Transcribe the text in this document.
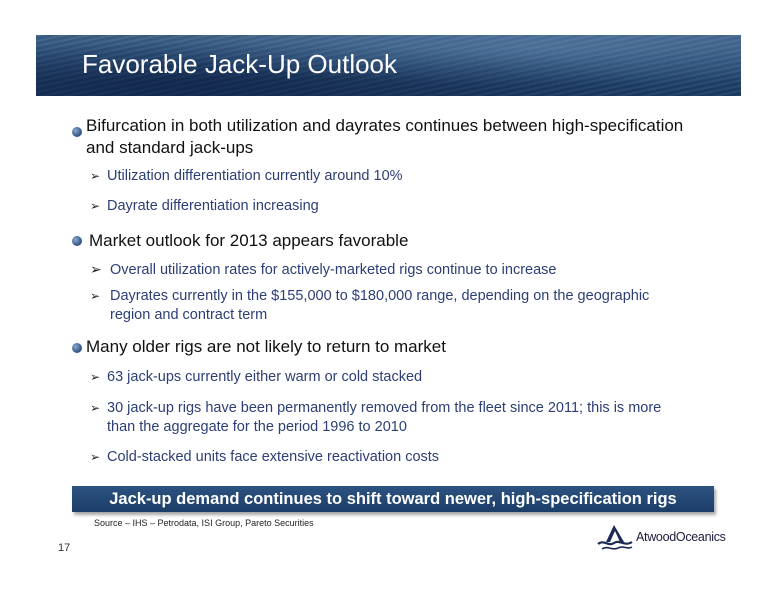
Favorable Jack-Up Outlook

Bifurcation in both utilization and dayrates continues between high-specification

and standard jack-ups

➢ Utilization differentiation currently around 10%

➢ Dayrate differentiation increasing

Market outlook for 2013 appears favorable

➢ Overall utilization rates for actively-marketed rigs continue to increase

➢ Dayrates currently in the $155,000 to $180,000 range, depending on the geographic

region and contract term

Many older rigs are not likely to return to market

➢ 63 jack-ups currently either warm or cold stacked

➢ 30 jack-up rigs have been permanently removed from the fleet since 2011; this is more

than the aggregate for the period 1996 to 2010

➢ Cold-stacked units face extensive reactivation costs

Jack-up demand continues to shift toward newer, high-specification rigs

Source – IHS – Petrodata, ISI Group, Pareto Securities

17

AtwoodOceanics
